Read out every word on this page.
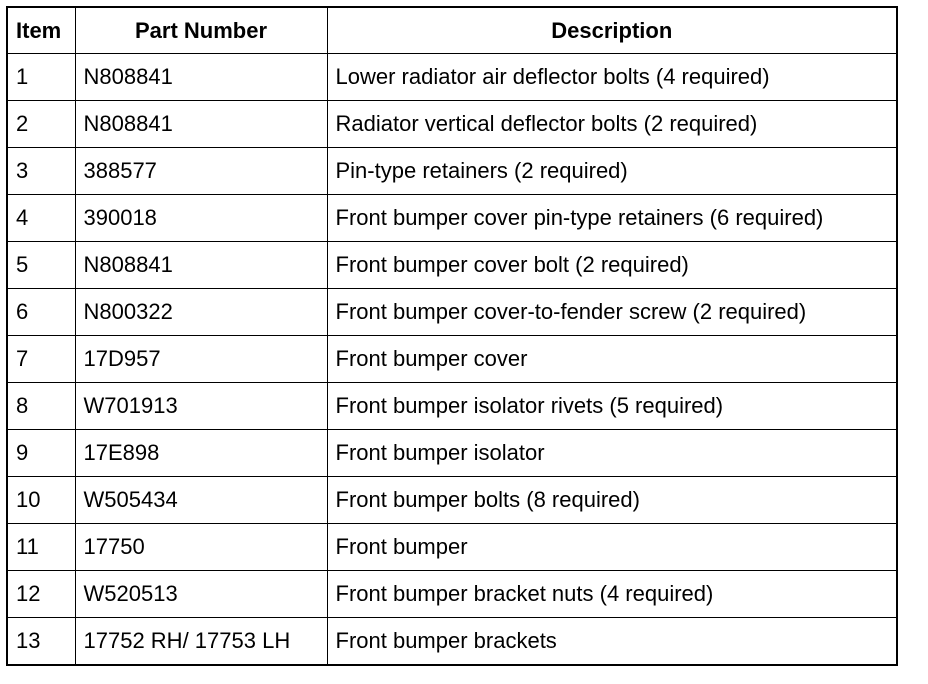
Item	Part Number	Description
1	N808841	Lower radiator air deflector bolts (4 required)
2	N808841	Radiator vertical deflector bolts (2 required)
3	388577	Pin-type retainers (2 required)
4	390018	Front bumper cover pin-type retainers (6 required)
5	N808841	Front bumper cover bolt (2 required)
6	N800322	Front bumper cover-to-fender screw (2 required)
7	17D957	Front bumper cover
8	W701913	Front bumper isolator rivets (5 required)
9	17E898	Front bumper isolator
10	W505434	Front bumper bolts (8 required)
11	17750	Front bumper
12	W520513	Front bumper bracket nuts (4 required)
13	17752 RH/ 17753 LH	Front bumper brackets
